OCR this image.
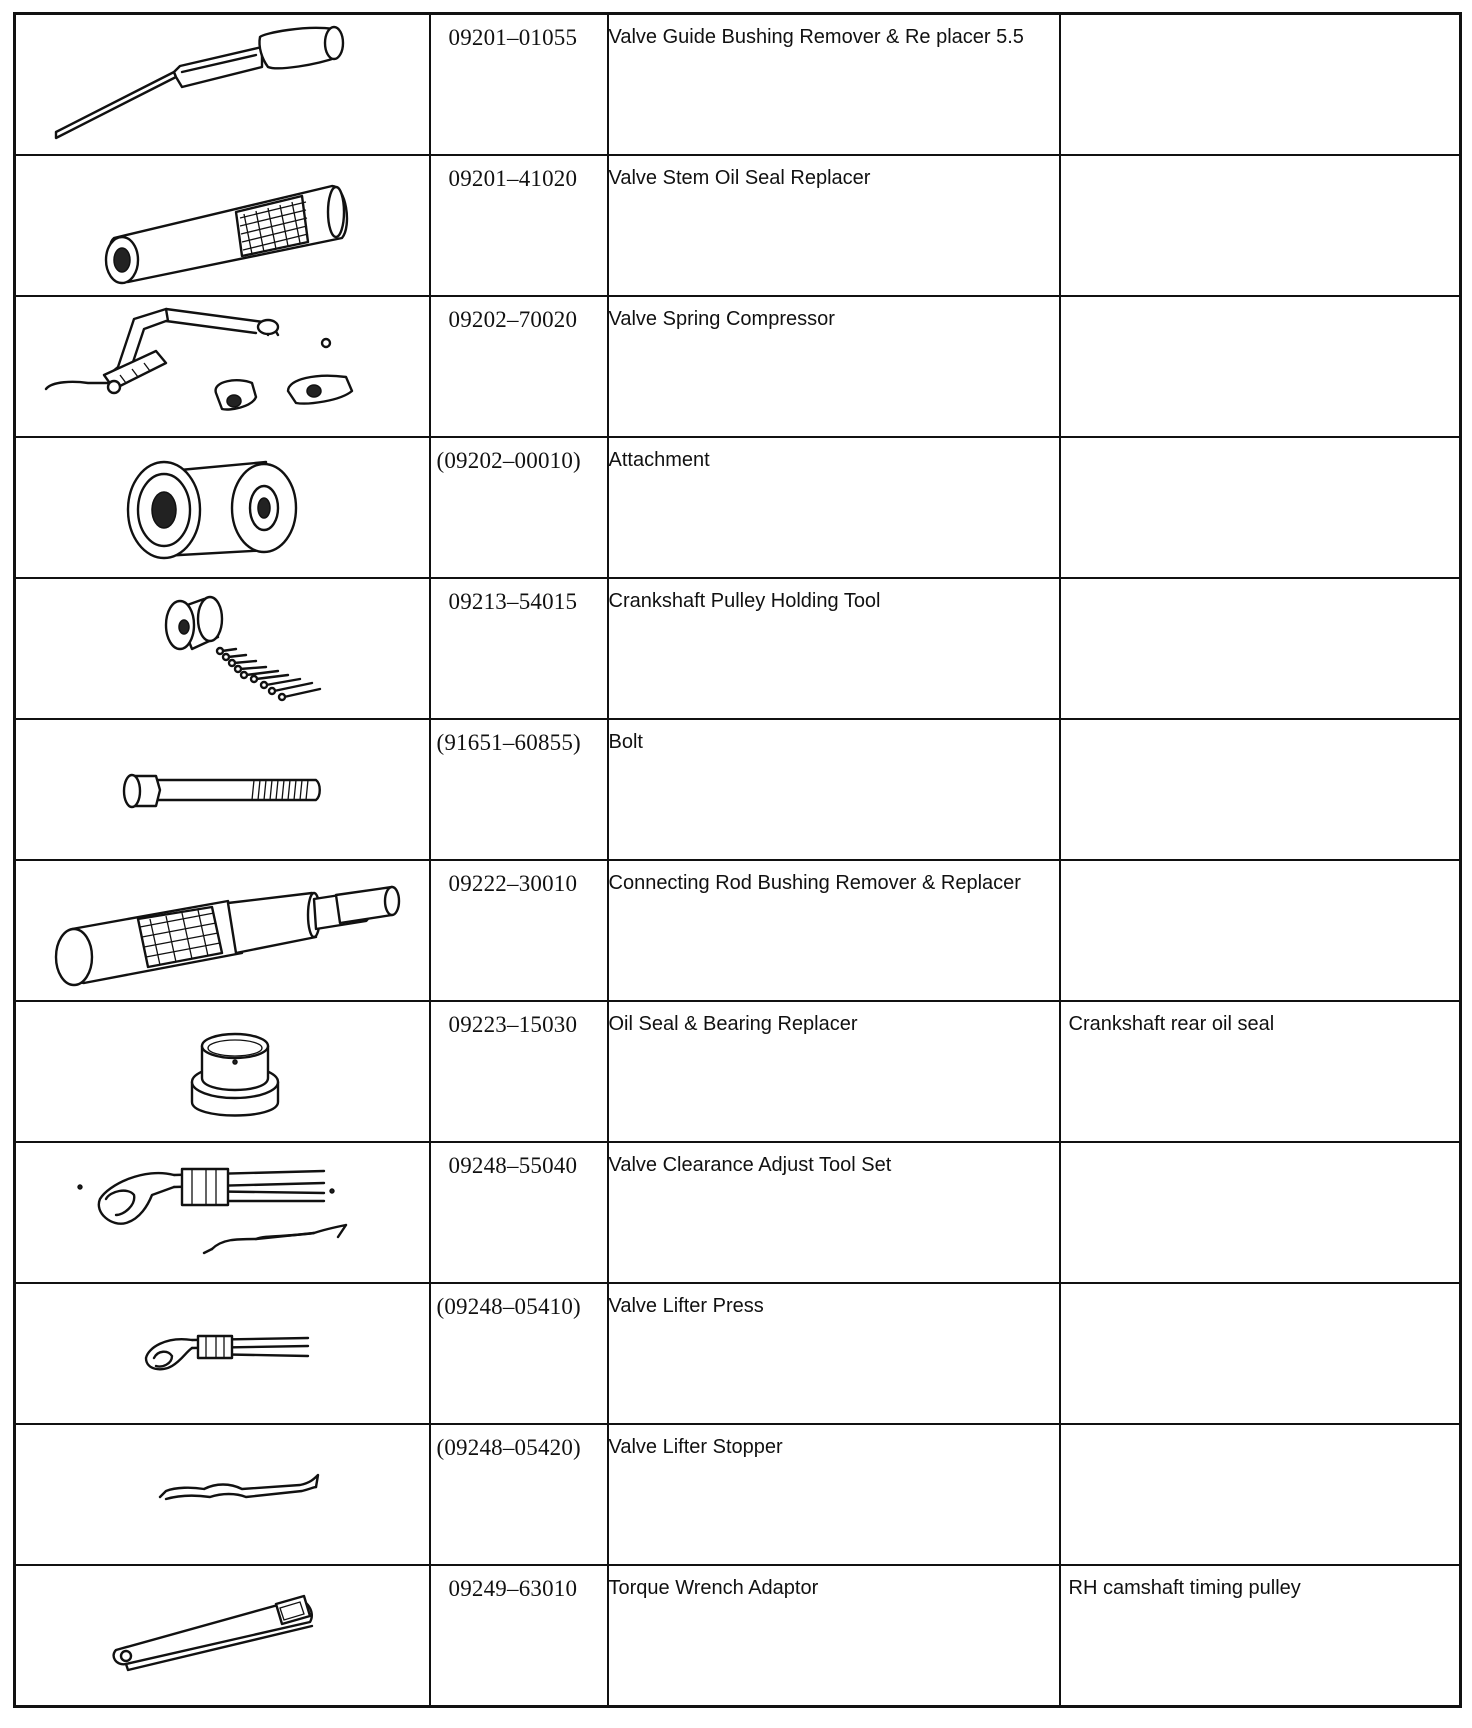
09201–01055	Valve Guide Bushing Remover & Re placer 5.5	

09201–41020	Valve Stem Oil Seal Replacer	

09202–70020	Valve Spring Compressor	

(09202–00010)	Attachment	

09213–54015	Crankshaft Pulley Holding Tool	

(91651–60855)	Bolt	

09222–30010	Connecting Rod Bushing Remover & Replacer	

09223–15030	Oil Seal & Bearing Replacer	Crankshaft rear oil seal

09248–55040	Valve Clearance Adjust Tool Set	

(09248–05410)	Valve Lifter Press	

(09248–05420)	Valve Lifter Stopper	

09249–63010	Torque Wrench Adaptor	RH camshaft timing pulley
